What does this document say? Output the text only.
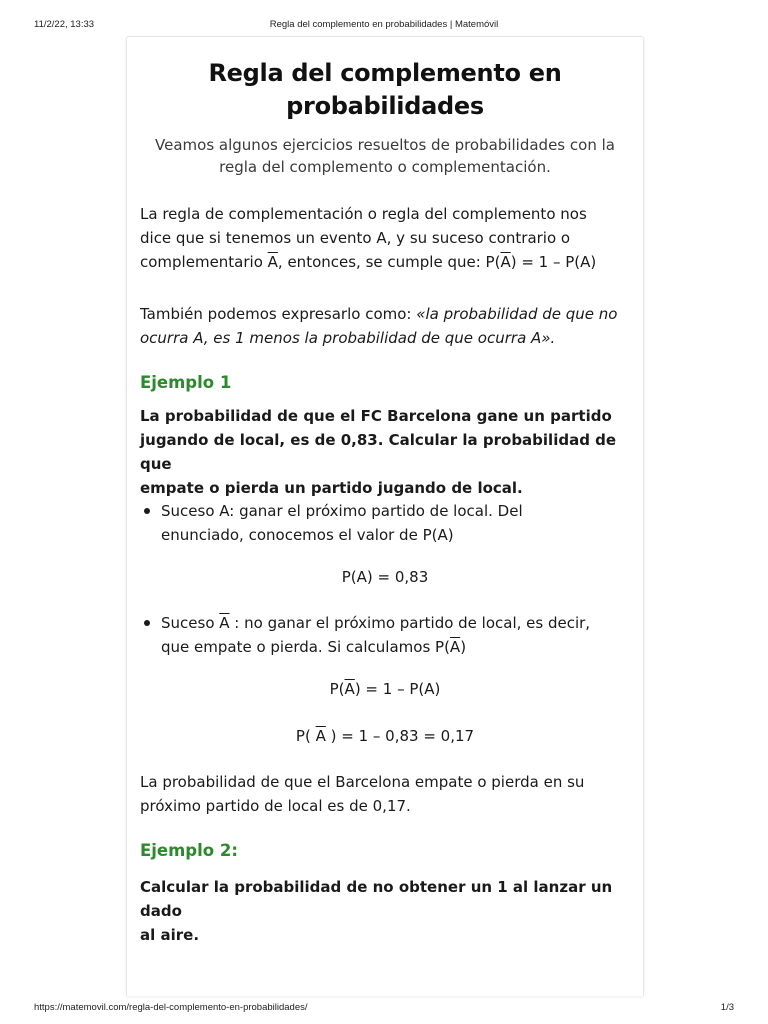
11/2/22, 13:33	Regla del complemento en probabilidades | Matemóvil
Regla del complemento en
probabilidades

Veamos algunos ejercicios resueltos de probabilidades con la
regla del complemento o complementación.

La regla de complementación o regla del complemento nos
dice que si tenemos un evento A, y su suceso contrario o
complementario $\overline{A}$, entonces, se cumple que: $P(\overline{A}) = 1 - P(A)$

También podemos expresarlo como: «la probabilidad de que no
ocurra A, es 1 menos la probabilidad de que ocurra A».

Ejemplo 1

La probabilidad de que el FC Barcelona gane un partido
jugando de local, es de 0,83. Calcular la probabilidad de que
empate o pierda un partido jugando de local.

Suceso A: ganar el próximo partido de local. Del
enunciado, conocemos el valor de P(A)

P(A) = 0,83

Suceso $\overline{A}$ : no ganar el próximo partido de local, es decir,
que empate o pierda. Si calculamos $P(\overline{A})$

$P(\overline{A}) = 1 - P(A)$
P( $\overline{A}$ ) = 1 – 0,83 = 0,17

La probabilidad de que el Barcelona empate o pierda en su
próximo partido de local es de 0,17.

Ejemplo 2:

Calcular la probabilidad de no obtener un 1 al lanzar un dado
al aire.

https://matemovil.com/regla-del-complemento-en-probabilidades/	1/3
